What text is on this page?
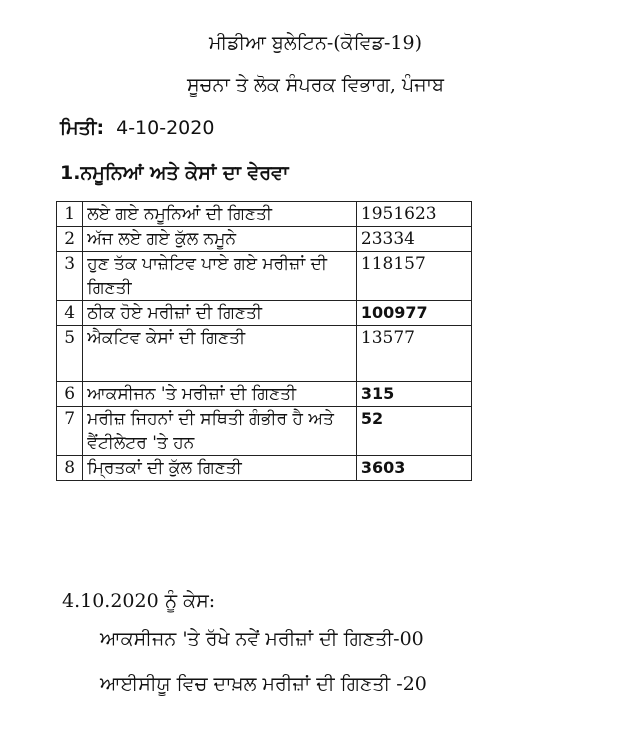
ਮੀਡੀਆ ਬੁਲੇਟਿਨ-(ਕੋਵਿਡ-19)
ਸੂਚਨਾ ਤੇ ਲੋਕ ਸੰਪਰਕ ਵਿਭਾਗ, ਪੰਜਾਬ
ਮਿਤੀ: 4-10-2020
1.ਨਮੂਨਿਆਂ ਅਤੇ ਕੇਸਾਂ ਦਾ ਵੇਰਵਾ
1	ਲਏ ਗਏ ਨਮੂਨਿਆਂ ਦੀ ਗਿਣਤੀ	1951623
2	ਅੱਜ ਲਏ ਗਏ ਕੁੱਲ ਨਮੂਨੇ	23334
3	ਹੁਣ ਤੱਕ ਪਾਜ਼ੇਟਿਵ ਪਾਏ ਗਏ ਮਰੀਜ਼ਾਂ ਦੀ ਗਿਣਤੀ	118157
4	ਠੀਕ ਹੋਏ ਮਰੀਜ਼ਾਂ ਦੀ ਗਿਣਤੀ	100977
5	ਐਕਟਿਵ ਕੇਸਾਂ ਦੀ ਗਿਣਤੀ	13577
6	ਆਕਸੀਜਨ 'ਤੇ ਮਰੀਜ਼ਾਂ ਦੀ ਗਿਣਤੀ	315
7	ਮਰੀਜ਼ ਜਿਹਨਾਂ ਦੀ ਸਥਿਤੀ ਗੰਭੀਰ ਹੈ ਅਤੇ ਵੈਂਟੀਲੇਟਰ 'ਤੇ ਹਨ	52
8	ਮ੍ਰਿਤਕਾਂ ਦੀ ਕੁੱਲ ਗਿਣਤੀ	3603
4.10.2020 ਨੂੰ ਕੇਸ:
ਆਕਸੀਜਨ 'ਤੇ ਰੱਖੇ ਨਵੇਂ ਮਰੀਜ਼ਾਂ ਦੀ ਗਿਣਤੀ-00
ਆਈਸੀਯੂ ਵਿਚ ਦਾਖ਼ਲ ਮਰੀਜ਼ਾਂ ਦੀ ਗਿਣਤੀ -20
